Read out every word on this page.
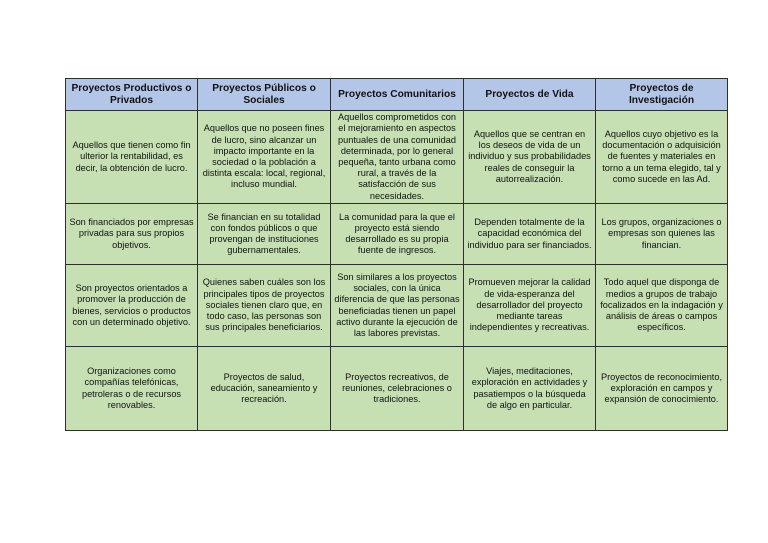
Proyectos Productivos o Privados	Proyectos Públicos o Sociales	Proyectos Comunitarios	Proyectos de Vida	Proyectos de Investigación
Aquellos que tienen como fin ulterior la rentabilidad, es decir, la obtención de lucro.	Aquellos que no poseen fines de lucro, sino alcanzar un impacto importante en la sociedad o la población a distinta escala: local, regional, incluso mundial.	Aquellos comprometidos con el mejoramiento en aspectos puntuales de una comunidad determinada, por lo general pequeña, tanto urbana como rural, a través de la satisfacción de sus necesidades.	Aquellos que se centran en los deseos de vida de un individuo y sus probabilidades reales de conseguir la autorrealización.	Aquellos cuyo objetivo es la documentación o adquisición de fuentes y materiales en torno a un tema elegido, tal y como sucede en las Ad.
Son financiados por empresas privadas para sus propios objetivos.	Se financian en su totalidad con fondos públicos o que provengan de instituciones gubernamentales.	La comunidad para la que el proyecto está siendo desarrollado es su propia fuente de ingresos.	Dependen totalmente de la capacidad económica del individuo para ser financiados.	Los grupos, organizaciones o empresas son quienes las financian.
Son proyectos orientados a promover la producción de bienes, servicios o productos con un determinado objetivo.	Quienes saben cuáles son los principales tipos de proyectos sociales tienen claro que, en todo caso, las personas son sus principales beneficiarios.	Son similares a los proyectos sociales, con la única diferencia de que las personas beneficiadas tienen un papel activo durante la ejecución de las labores previstas.	Promueven mejorar la calidad de vida-esperanza del desarrollador del proyecto mediante tareas independientes y recreativas.	Todo aquel que disponga de medios a grupos de trabajo focalizados en la indagación y análisis de áreas o campos específicos.
Organizaciones como compañías telefónicas, petroleras o de recursos renovables.	Proyectos de salud, educación, saneamiento y recreación.	Proyectos recreativos, de reuniones, celebraciones o tradiciones.	Viajes, meditaciones, exploración en actividades y pasatiempos o la búsqueda de algo en particular.	Proyectos de reconocimiento, exploración en campos y expansión de conocimiento.
